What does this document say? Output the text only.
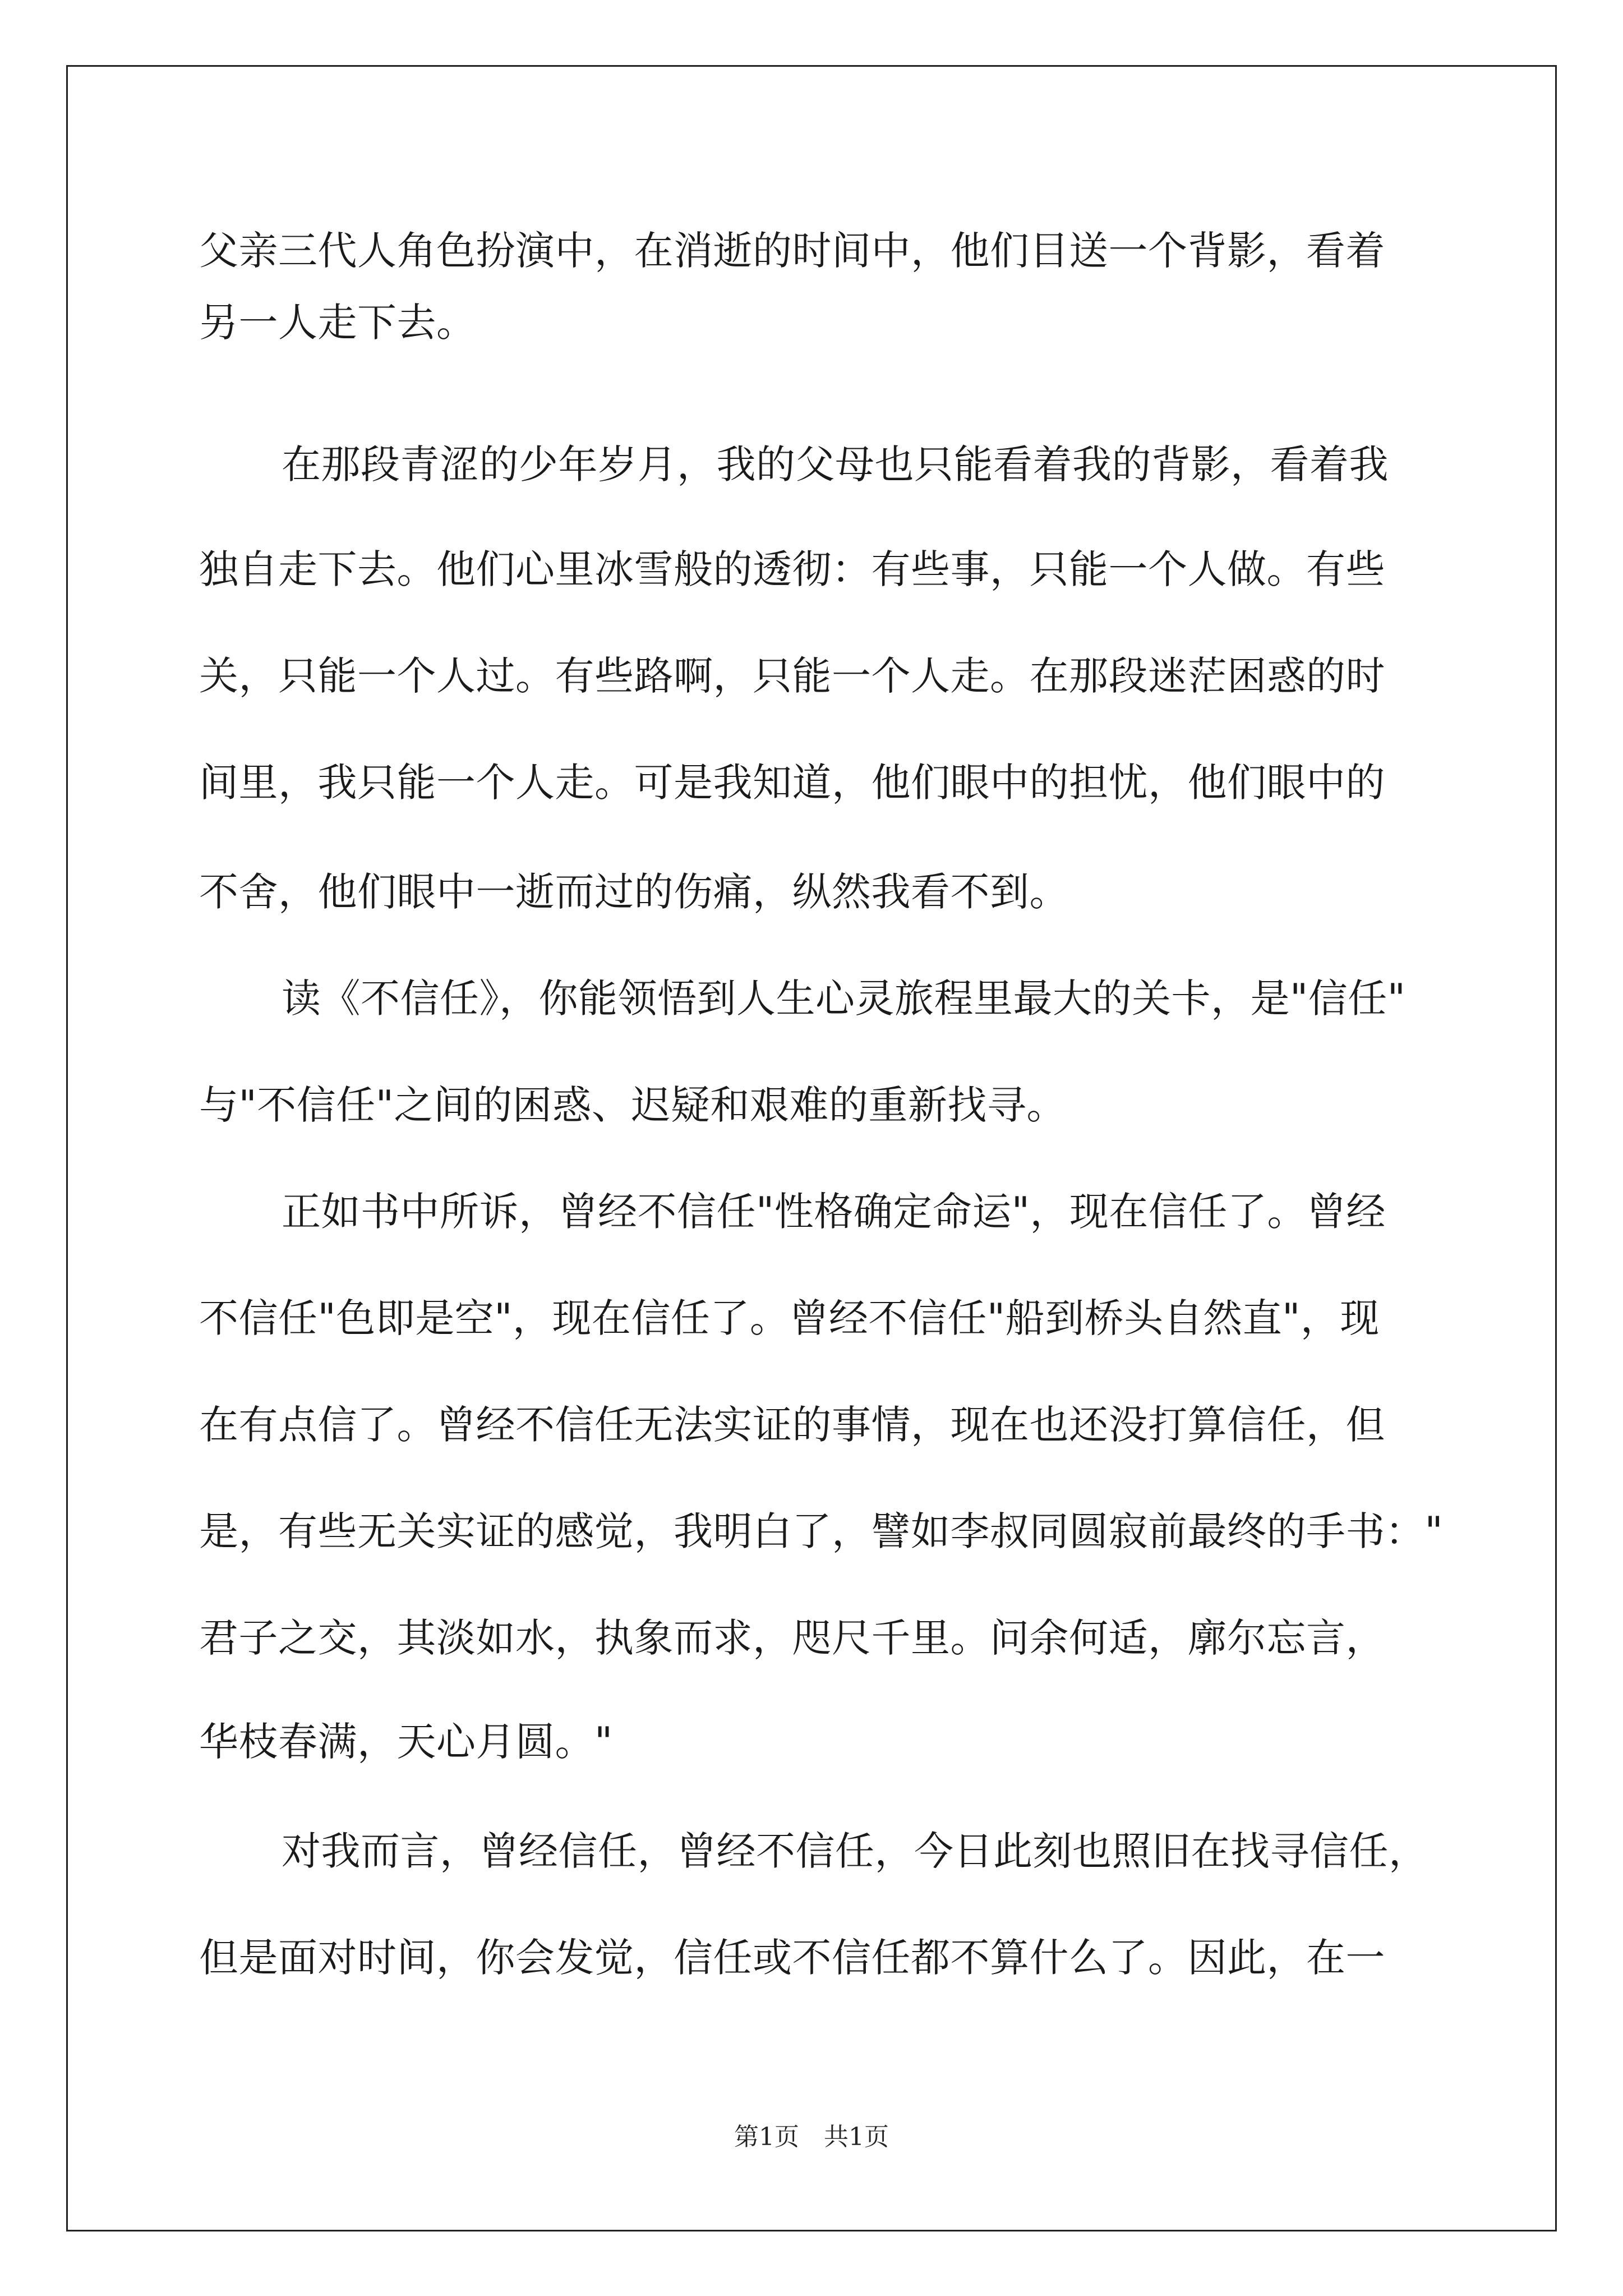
父亲三代人角色扮演中，在消逝的时间中，他们目送一个背影，看着
另一人走下去。
在那段青涩的少年岁月，我的父母也只能看着我的背影，看着我
独自走下去。他们心里冰雪般的透彻：有些事，只能一个人做。有些
关，只能一个人过。有些路啊，只能一个人走。在那段迷茫困惑的时
间里，我只能一个人走。可是我知道，他们眼中的担忧，他们眼中的
不舍，他们眼中一逝而过的伤痛，纵然我看不到。
读《不信任》，你能领悟到人生心灵旅程里最大的关卡，是"信任"
与"不信任"之间的困惑、迟疑和艰难的重新找寻。
正如书中所诉，曾经不信任"性格确定命运"，现在信任了。曾经
不信任"色即是空"，现在信任了。曾经不信任"船到桥头自然直"，现
在有点信了。曾经不信任无法实证的事情，现在也还没打算信任，但
是，有些无关实证的感觉，我明白了，譬如李叔同圆寂前最终的手书："
君子之交，其淡如水，执象而求，咫尺千里。问余何适，廓尔忘言，
华枝春满，天心月圆。"
对我而言，曾经信任，曾经不信任，今日此刻也照旧在找寻信任，
但是面对时间，你会发觉，信任或不信任都不算什么了。因此，在一
第1页 共1页
